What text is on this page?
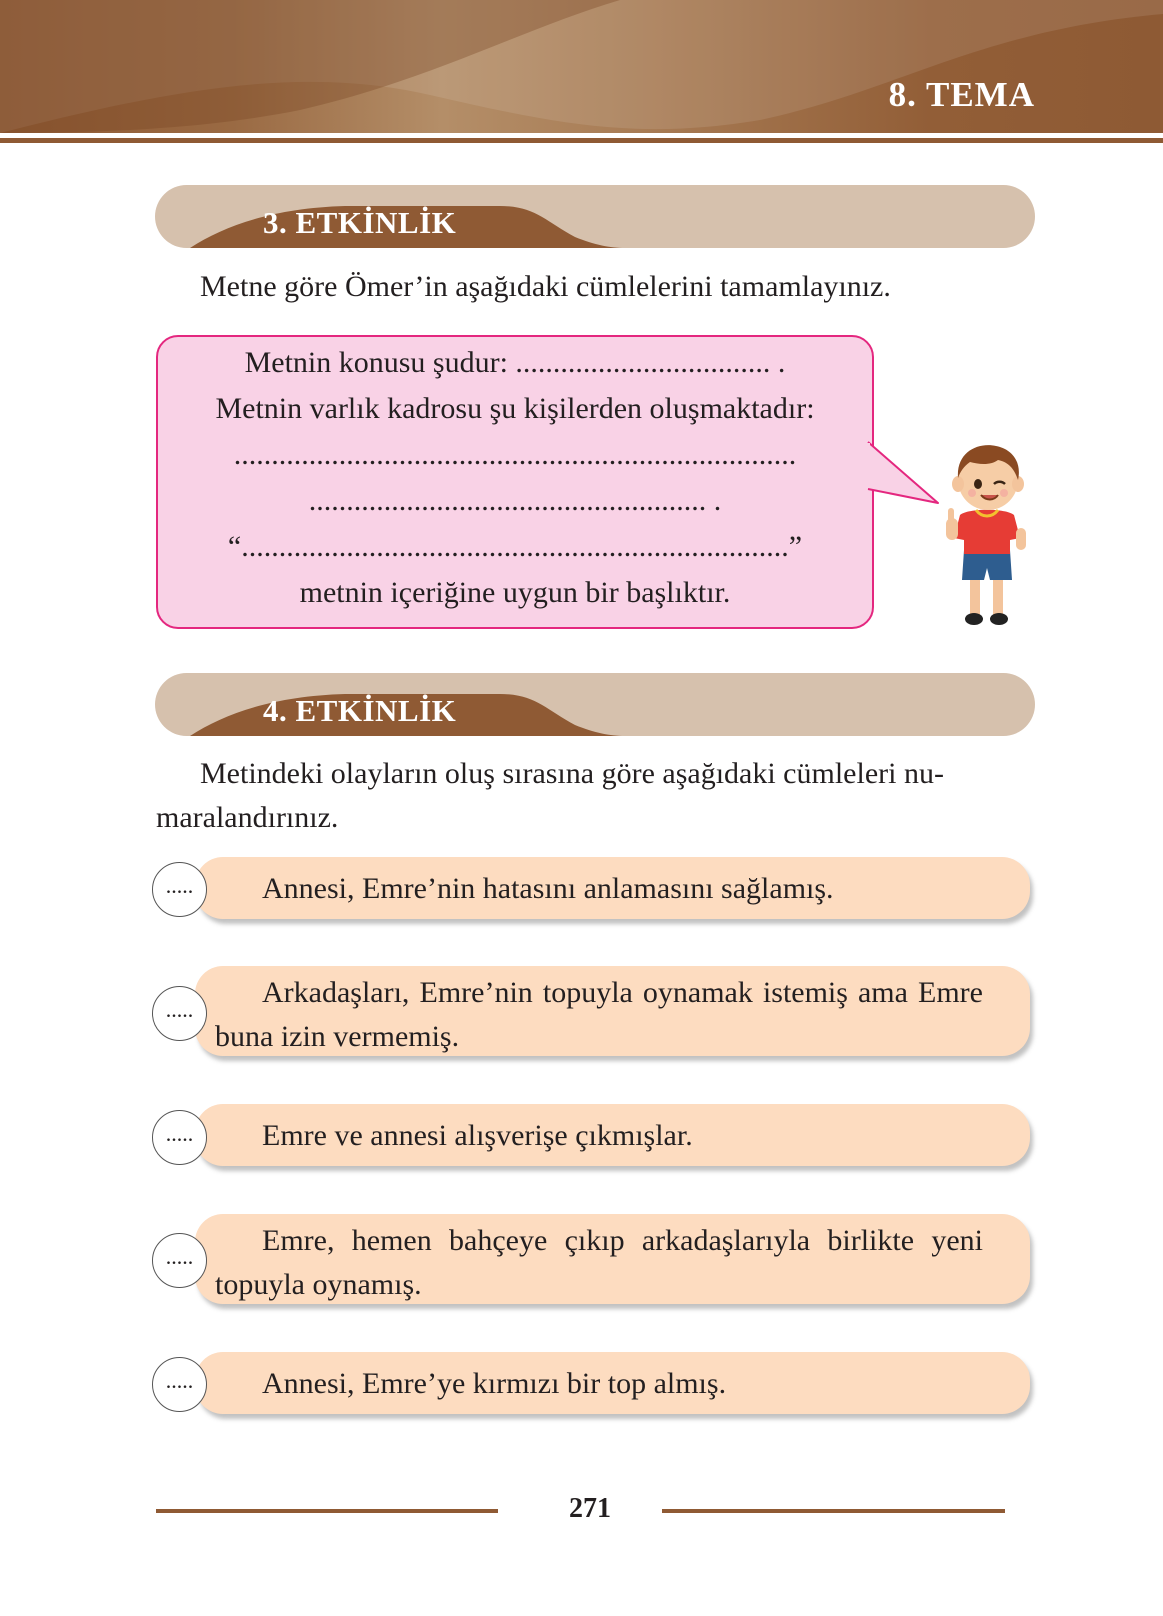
8. TEMA
3. ETKİNLİK
Metne göre Ömer’in aşağıdaki cümlelerini tamamlayınız.
Metnin konusu şudur: .................................. .
Metnin varlık kadrosu şu kişilerden oluşmaktadır:
...........................................................................
..................................................... .
“.........................................................................”
metnin içeriğine uygun bir başlıktır.
4. ETKİNLİK
Metindeki olayların oluş sırasına göre aşağıdaki cümleleri nu-
maralandırınız.
Annesi, Emre’nin hatasını anlamasını sağlamış.
.....
Arkadaşları, Emre’nin topuyla oynamak istemiş ama Emre buna izin vermemiş.
.....
Emre ve annesi alışverişe çıkmışlar.
.....
Emre, hemen bahçeye çıkıp arkadaşlarıyla birlikte yeni topuyla oynamış.
.....
Annesi, Emre’ye kırmızı bir top almış.
.....
271
